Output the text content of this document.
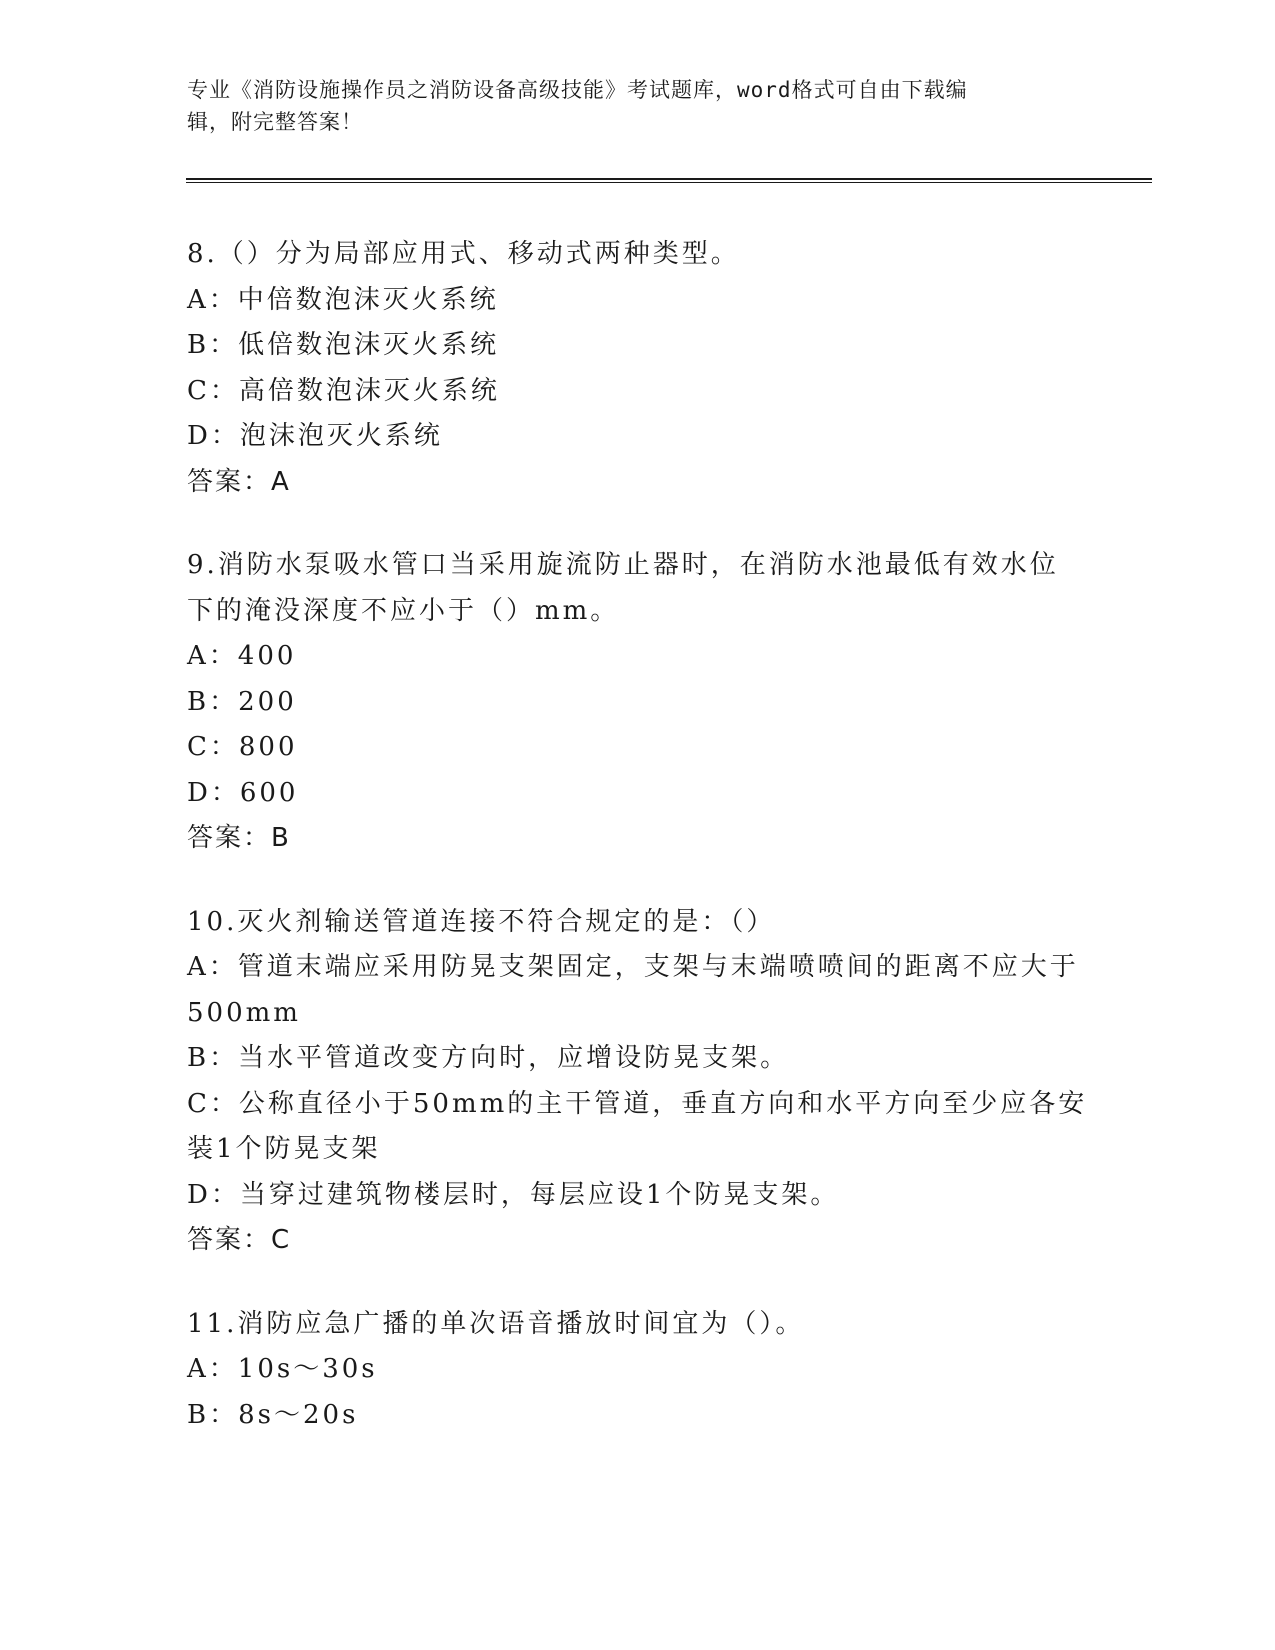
专业《消防设施操作员之消防设备高级技能》考试题库，word格式可自由下载编
辑，附完整答案！
8.（）分为局部应用式、移动式两种类型。
A：中倍数泡沫灭火系统
B：低倍数泡沫灭火系统
C：高倍数泡沫灭火系统
D：泡沫泡灭火系统
答案：A
9.消防水泵吸水管口当采用旋流防止器时，在消防水池最低有效水位
下的淹没深度不应小于（）mm。
A：400
B：200
C：800
D：600
答案：B
10.灭火剂输送管道连接不符合规定的是：（）
A：管道末端应采用防晃支架固定，支架与末端喷喷间的距离不应大于
500mm
B：当水平管道改变方向时，应增设防晃支架。
C：公称直径小于50mm的主干管道，垂直方向和水平方向至少应各安
装1个防晃支架
D：当穿过建筑物楼层时，每层应设1个防晃支架。
答案：C
11.消防应急广播的单次语音播放时间宜为（）。
A：10s～30s
B：8s～20s
